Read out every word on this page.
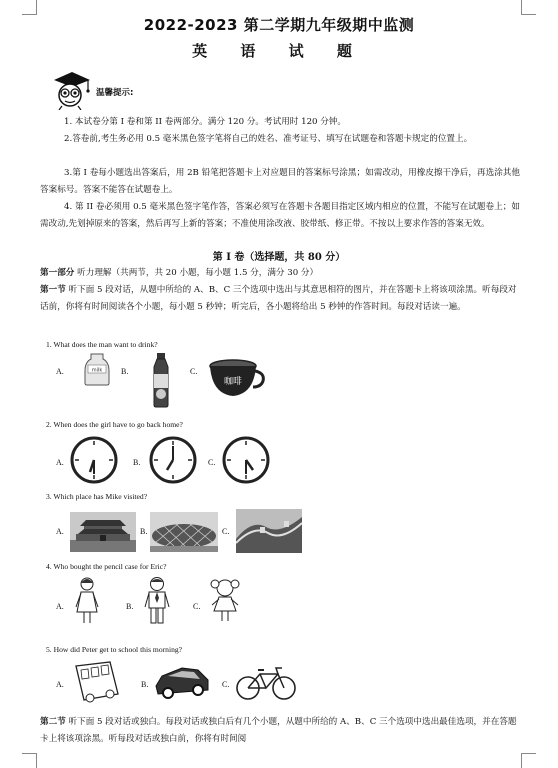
2022-2023 第二学期九年级期中监测
英 语 试 题
温馨提示:
1. 本试卷分第 I 卷和第 II 卷两部分。满分 120 分。考试用时 120 分钟。
2.答卷前,考生务必用 0.5 毫米黑色签字笔将自己的姓名、准考证号、填写在试题卷和答题卡规定的位置上。
3.第 I 卷每小题选出答案后，用 2B 铅笔把答题卡上对应题目的答案标号涂黑；如需改动，用橡皮擦干净后，再选涂其他答案标号。答案不能答在试题卷上。
4. 第 II 卷必须用 0.5 毫米黑色签字笔作答，答案必须写在答题卡各题目指定区域内相应的位置，不能写在试题卷上；如需改动,先划掉原来的答案，然后再写上新的答案；不准使用涂改液、胶带纸、修正带。不按以上要求作答的答案无效。
第 I 卷（选择题，共 80 分）
第一部分 听力理解（共两节，共 20 小题，每小题 1.5 分，满分 30 分）
第一节 听下面 5 段对话，从题中所给的 A、B、C 三个选项中选出与其意思相符的图片，并在答题卡上将该项涂黑。听每段对话前，你将有时间阅读各个小题，每小题 5 秒钟；听完后，各小题将给出 5 秒钟的作答时间。每段对话读一遍。
1. What does the man want to drink?
A.	milk B.	C.
咖啡
2. When does the girl have to go back home?
A.	B.	C.
3. Which place has Mike visited?
A.	B.	C.
4. Who bought the pencil case for Eric?
A.	B.	C.
5. How did Peter get to school this morning?
A.	B.	C.
第二节 听下面 5 段对话或独白。每段对话或独白后有几个小题，从题中所给的 A、B、C 三个选项中选出最佳选项，并在答题卡上将该项涂黑。听每段对话或独白前，你将有时间阅
